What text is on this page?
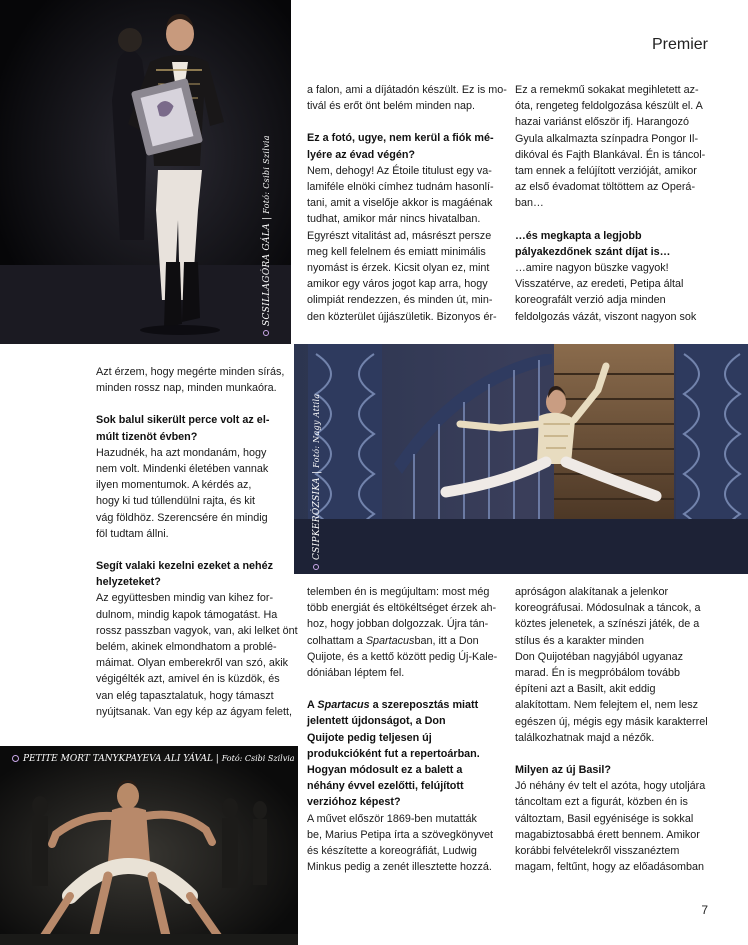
Premier
SCSILLAGÓRA GÁLA|Fotó: Csibi Szilvia
CSIPKERÓZSIKA|Fotó: Nagy Attila
PETITE MORT TANYKPAYEVA ALI YÁVAL | Fotó: Csibi Szilvia

Azt érzem, hogy megérte minden sírás,

minden rossz nap, minden munkaóra.

Sok balul sikerült perce volt az el-

múlt tizenöt évben?

Hazudnék, ha azt mondanám, hogy

nem volt. Mindenki életében vannak

ilyen momentumok. A kérdés az,

hogy ki tud túllendülni rajta, és kit

vág földhöz. Szerencsére én mindig

föl tudtam állni.

Segít valaki kezelni ezeket a nehéz

helyzeteket?

Az együttesben mindig van kihez for-

dulnom, mindig kapok támogatást. Ha

rossz passzban vagyok, van, aki lelket önt

belém, akinek elmondhatom a problé-

máimat. Olyan emberekről van szó, akik

végigélték azt, amivel én is küzdök, és

van elég tapasztalatuk, hogy támaszt

nyújtsanak. Van egy kép az ágyam felett,

a falon, ami a díjátadón készült. Ez is mo-

tivál és erőt önt belém minden nap.

Ez a fotó, ugye, nem kerül a fiók mé-

lyére az évad végén?

Nem, dehogy! Az Étoile titulust egy va-

lamiféle elnöki címhez tudnám hasonlí-

tani, amit a viselője akkor is magáénak

tudhat, amikor már nincs hivatalban.

Egyrészt vitalitást ad, másrészt persze

meg kell felelnem és emiatt minimális

nyomást is érzek. Kicsit olyan ez, mint

amikor egy város jogot kap arra, hogy

olimpiát rendezzen, és minden út, min-

den közterület újjászületik. Bizonyos ér-

Ez a remekmű sokakat megihletett az-

óta, rengeteg feldolgozása készült el. A

hazai variánst először ifj. Harangozó

Gyula alkalmazta színpadra Pongor Il-

dikóval és Fajth Blankával. Én is táncol-

tam ennek a felújított verzióját, amikor

az első évadomat töltöttem az Operá-

ban…

…és megkapta a legjobb

pályakezdőnek szánt díjat is…

…amire nagyon büszke vagyok!

Visszatérve, az eredeti, Petipa által

koreografált verzió adja minden

feldolgozás vázát, viszont nagyon sok

telemben én is megújultam: most még

több energiát és eltökéltséget érzek ah-

hoz, hogy jobban dolgozzak. Újra tán-

colhattam a Spartacusban, itt a Don

Quijote, és a kettő között pedig Új-Kale-

dóniában léptem fel.

A Spartacus a szereposztás miatt

jelentett újdonságot, a Don

Quijote pedig teljesen új

produkcióként fut a repertoárban.

Hogyan módosult ez a balett a

néhány évvel ezelőtti, felújított

verzióhoz képest?

A művet először 1869-ben mutatták

be, Marius Petipa írta a szövegkönyvet

és készítette a koreográfiát, Ludwig

Minkus pedig a zenét illesztette hozzá.

apróságon alakítanak a jelenkor

koreográfusai. Módosulnak a táncok, a

köztes jelenetek, a színészi játék, de a

stílus és a karakter minden

Don Quijotéban nagyjából ugyanaz

marad. Én is megpróbálom tovább

építeni azt a Basilt, akit eddig

alakítottam. Nem felejtem el, nem lesz

egészen új, mégis egy másik karakterrel

találkozhatnak majd a nézők.

Milyen az új Basil?

Jó néhány év telt el azóta, hogy utoljára

táncoltam ezt a figurát, közben én is

változtam, Basil egyénisége is sokkal

magabiztosabbá érett bennem. Amikor

korábbi felvételekről visszanéztem

magam, feltűnt, hogy az előadásomban

7
